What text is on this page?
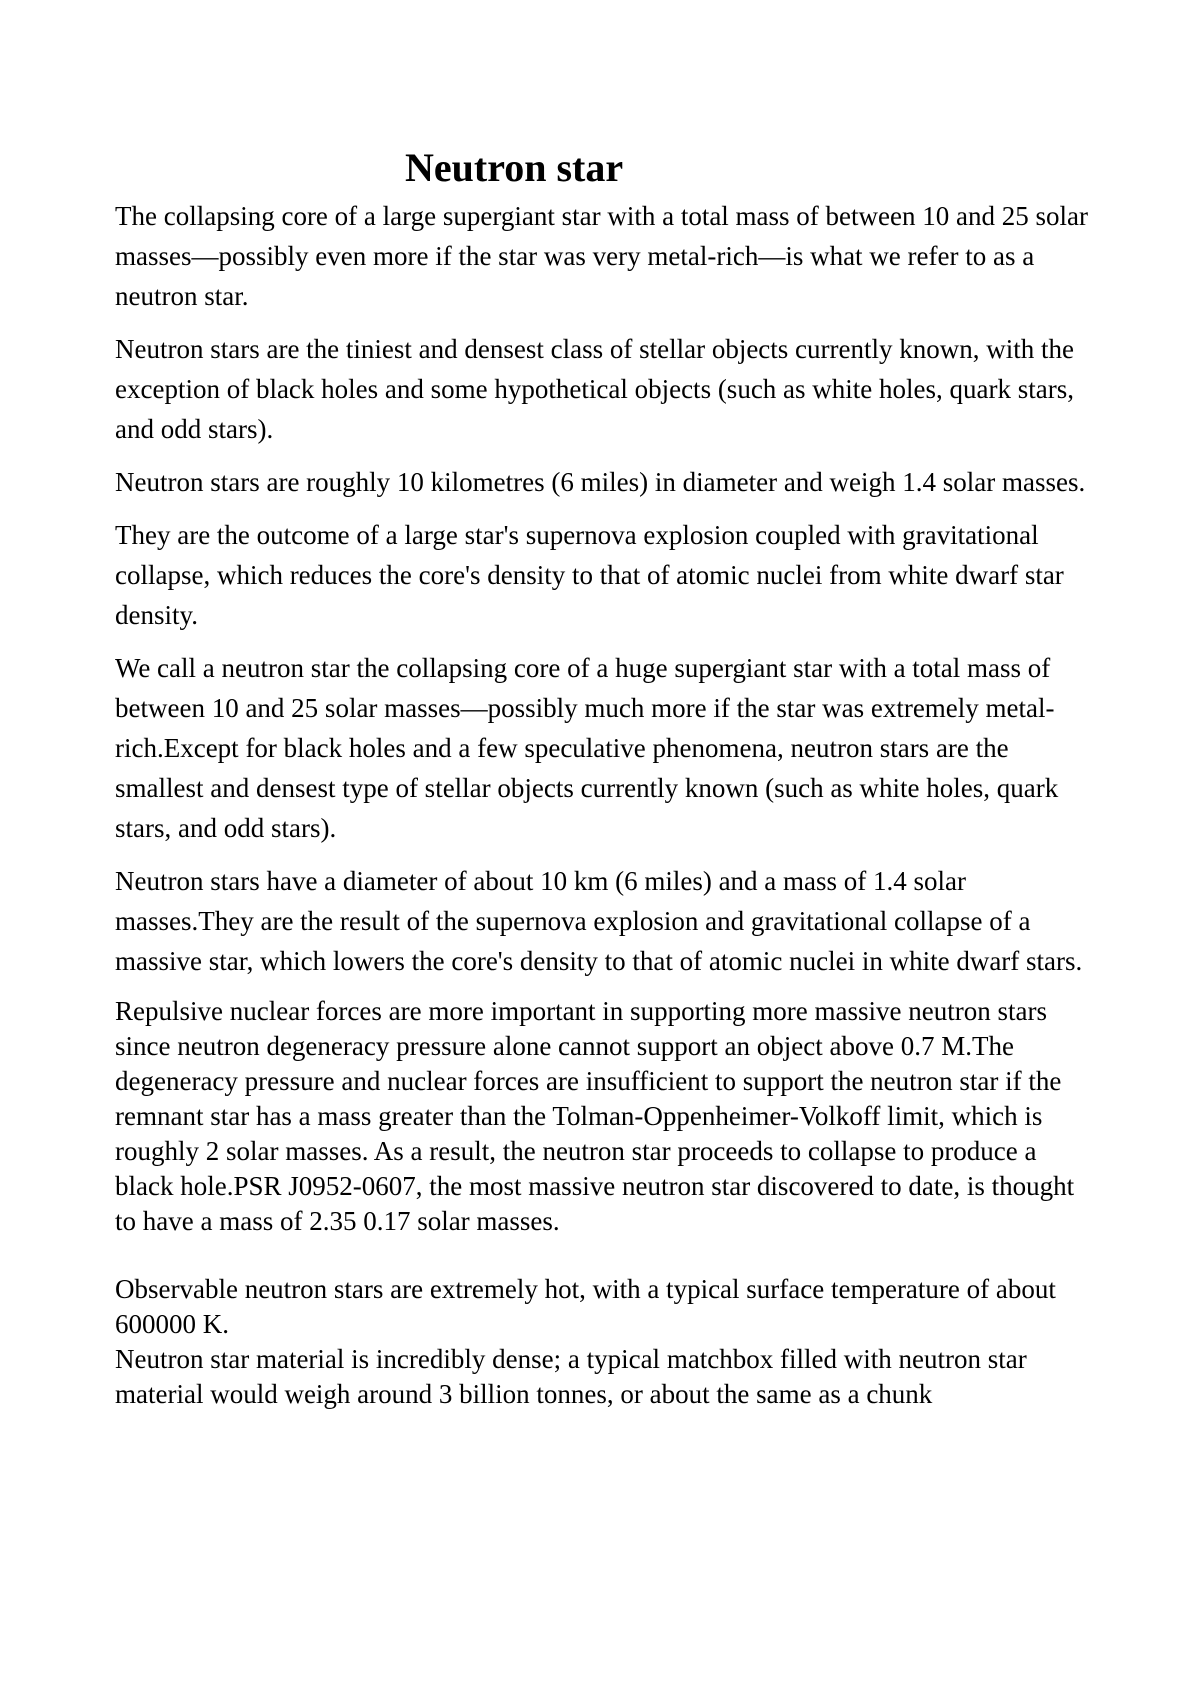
Neutron star

The collapsing core of a large supergiant star with a total mass of between 10 and 25 solar masses—possibly even more if the star was very metal-rich—is what we refer to as a neutron star.

Neutron stars are the tiniest and densest class of stellar objects currently known, with the exception of black holes and some hypothetical objects (such as white holes, quark stars, and odd stars).

Neutron stars are roughly 10 kilometres (6 miles) in diameter and weigh 1.4 solar masses.

They are the outcome of a large star's supernova explosion coupled with gravitational collapse, which reduces the core's density to that of atomic nuclei from white dwarf star density.

We call a neutron star the collapsing core of a huge supergiant star with a total mass of between 10 and 25 solar masses—possibly much more if the star was extremely metal-rich.Except for black holes and a few speculative phenomena, neutron stars are the smallest and densest type of stellar objects currently known (such as white holes, quark stars, and odd stars).

Neutron stars have a diameter of about 10 km (6 miles) and a mass of 1.4 solar masses.They are the result of the supernova explosion and gravitational collapse of a massive star, which lowers the core's density to that of atomic nuclei in white dwarf stars.

Repulsive nuclear forces are more important in supporting more massive neutron stars since neutron degeneracy pressure alone cannot support an object above 0.7 M.The degeneracy pressure and nuclear forces are insufficient to support the neutron star if the remnant star has a mass greater than the Tolman-Oppenheimer-Volkoff limit, which is roughly 2 solar masses. As a result, the neutron star proceeds to collapse to produce a black hole.PSR J0952-0607, the most massive neutron star discovered to date, is thought to have a mass of 2.35 0.17 solar masses.

Observable neutron stars are extremely hot, with a typical surface temperature of about 600000 K.

Neutron star material is incredibly dense; a typical matchbox filled with neutron star material would weigh around 3 billion tonnes, or about the same as a chunk
